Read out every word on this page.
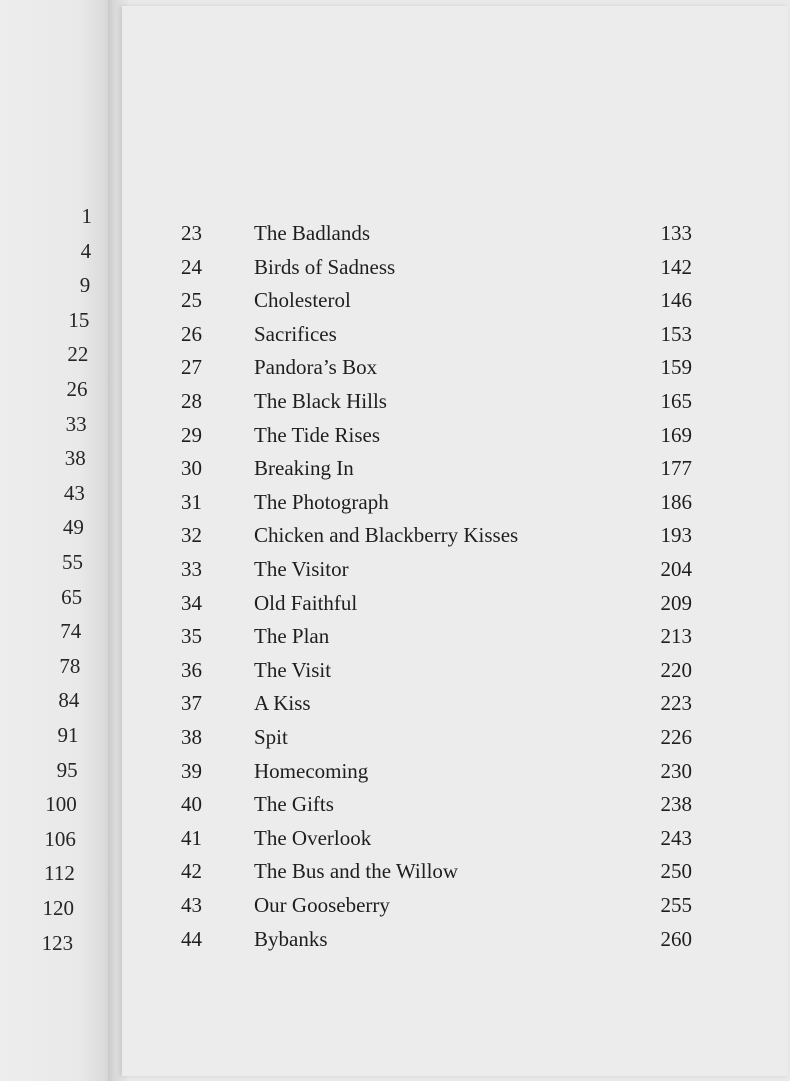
1
4
9
15
22
26
33
38
43
49
55
65
74
78
84
91
95
100
106
112
120
123
23	The Badlands	133
24	Birds of Sadness	142
25	Cholesterol	146
26	Sacrifices	153
27	Pandora’s Box	159
28	The Black Hills	165
29	The Tide Rises	169
30	Breaking In	177
31	The Photograph	186
32	Chicken and Blackberry Kisses	193
33	The Visitor	204
34	Old Faithful	209
35	The Plan	213
36	The Visit	220
37	A Kiss	223
38	Spit	226
39	Homecoming	230
40	The Gifts	238
41	The Overlook	243
42	The Bus and the Willow	250
43	Our Gooseberry	255
44	Bybanks	260
